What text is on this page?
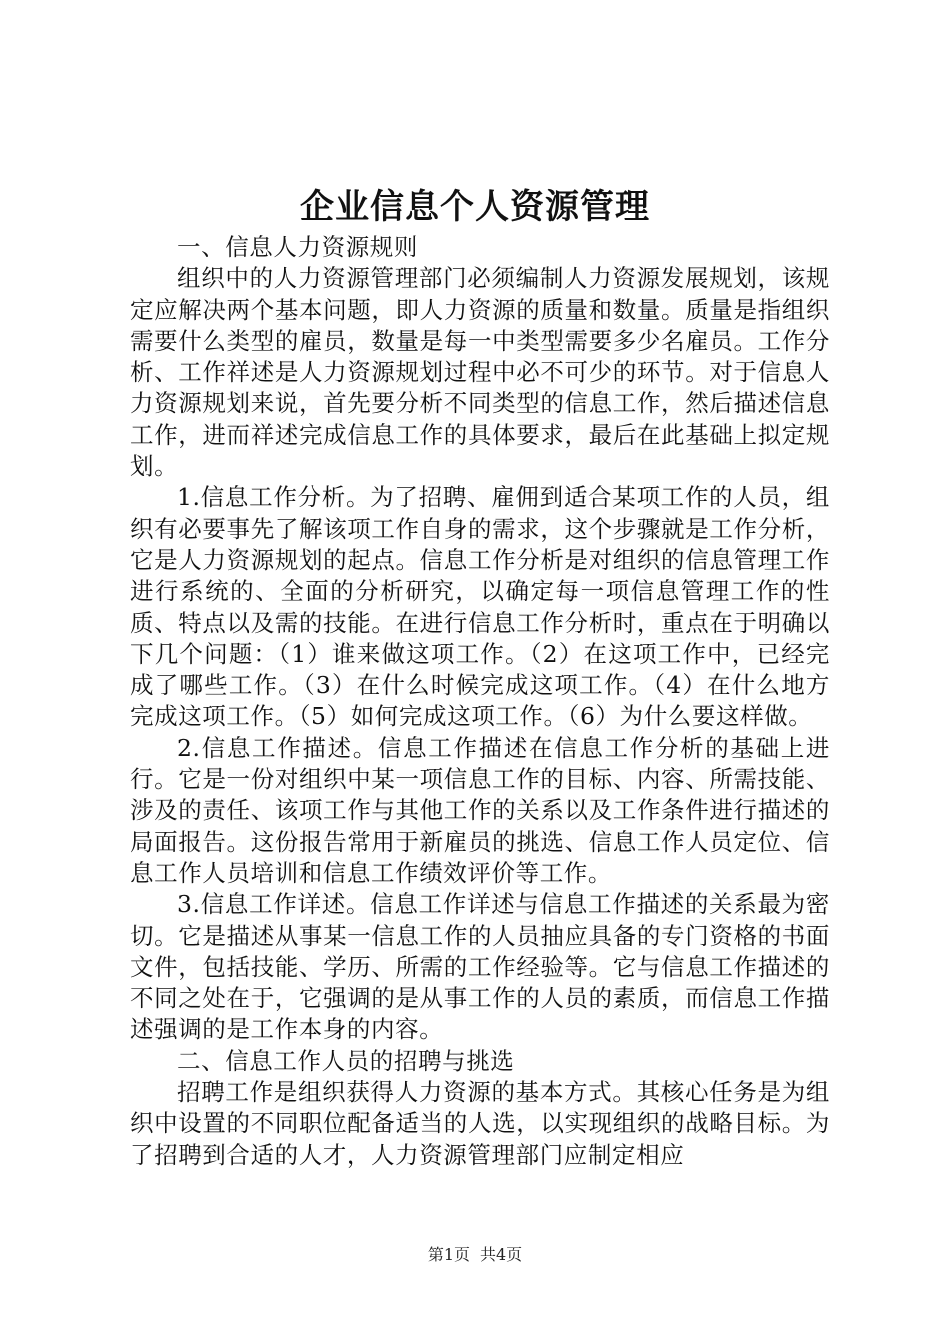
企业信息个人资源管理

一、信息人力资源规则

组织中的人力资源管理部门必须编制人力资源发展规划，该规定应解决两个基本问题，即人力资源的质量和数量。质量是指组织需要什么类型的雇员，数量是每一中类型需要多少名雇员。工作分析、工作祥述是人力资源规划过程中必不可少的环节。对于信息人力资源规划来说，首先要分析不同类型的信息工作，然后描述信息工作，进而祥述完成信息工作的具体要求，最后在此基础上拟定规划。

1.信息工作分析。为了招聘、雇佣到适合某项工作的人员，组织有必要事先了解该项工作自身的需求，这个步骤就是工作分析，它是人力资源规划的起点。信息工作分析是对组织的信息管理工作进行系统的、全面的分析研究，以确定每一项信息管理工作的性质、特点以及需的技能。在进行信息工作分析时，重点在于明确以下几个问题：（1）谁来做这项工作。（2）在这项工作中，已经完成了哪些工作。（3）在什么时候完成这项工作。（4）在什么地方完成这项工作。（5）如何完成这项工作。（6）为什么要这样做。

2.信息工作描述。信息工作描述在信息工作分析的基础上进行。它是一份对组织中某一项信息工作的目标、内容、所需技能、涉及的责任、该项工作与其他工作的关系以及工作条件进行描述的局面报告。这份报告常用于新雇员的挑选、信息工作人员定位、信息工作人员培训和信息工作绩效评价等工作。

3.信息工作详述。信息工作详述与信息工作描述的关系最为密切。它是描述从事某一信息工作的人员抽应具备的专门资格的书面文件，包括技能、学历、所需的工作经验等。它与信息工作描述的不同之处在于，它强调的是从事工作的人员的素质，而信息工作描述强调的是工作本身的内容。

二、信息工作人员的招聘与挑选

招聘工作是组织获得人力资源的基本方式。其核心任务是为组织中设置的不同职位配备适当的人选，以实现组织的战略目标。为了招聘到合适的人才，人力资源管理部门应制定相应

第1页 共4页
